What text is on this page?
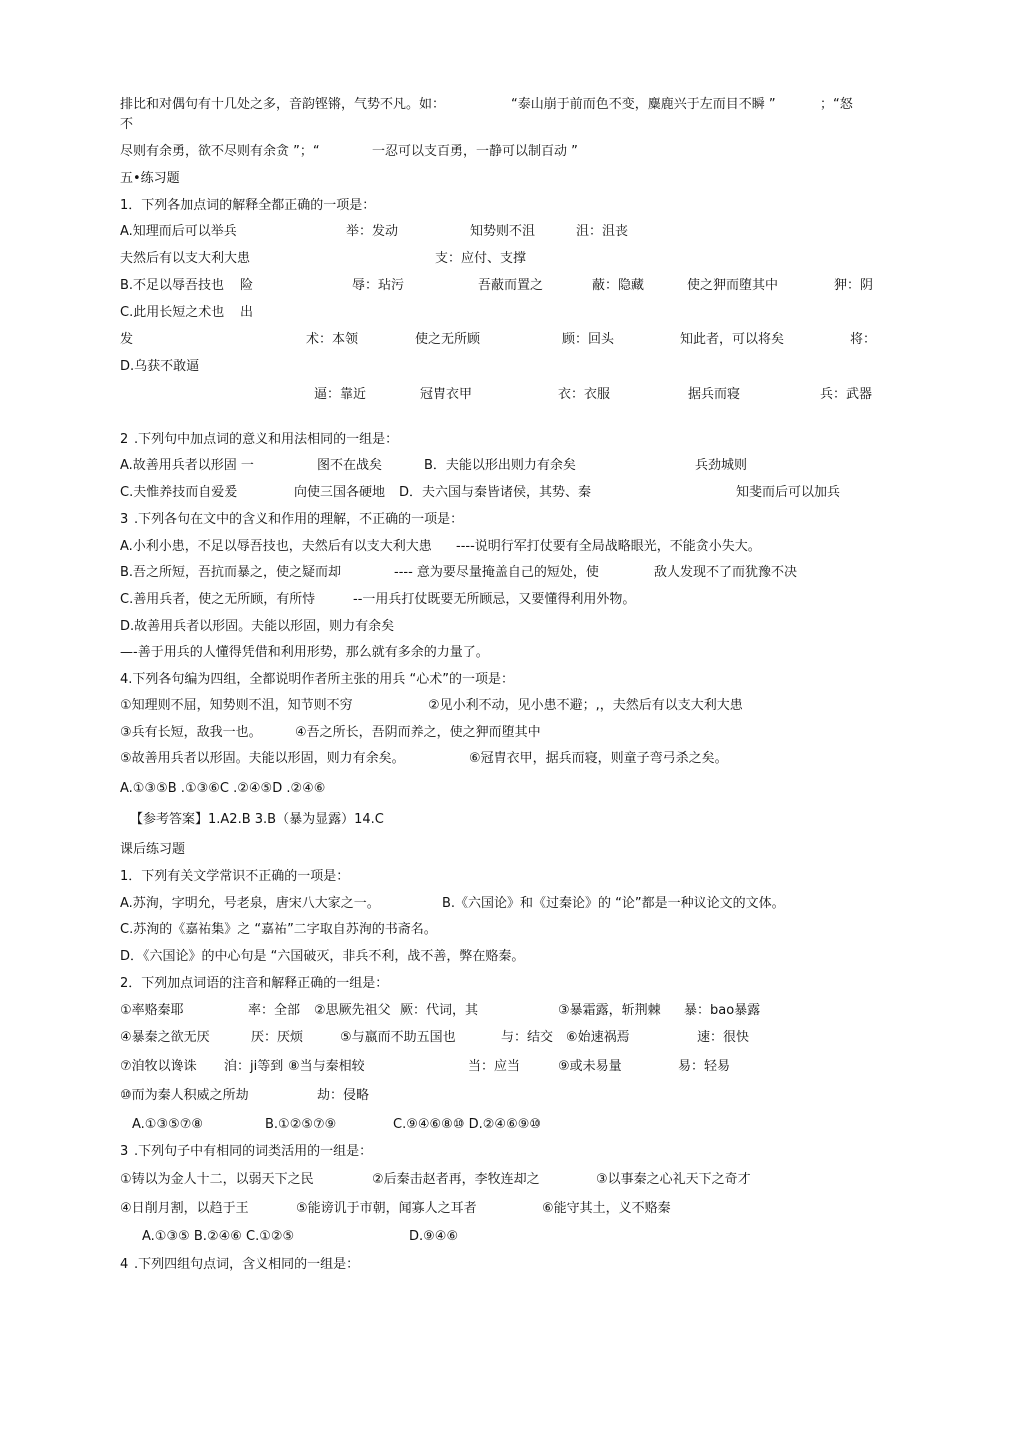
排比和对偶句有十几处之多，音韵铿锵，气势不凡。如：	“泰山崩于前而色不变，麋鹿兴于左而目不瞬 ”	；“怒
不
尽则有余勇，欲不尽则有余贪 ”；“	一忍可以支百勇，一静可以制百动 ”
五•练习题
1．下列各加点词的解释全都正确的一项是：
A.知理而后可以举兵	举：发动	知势则不沮	沮：沮丧
夫然后有以支大利大患	支：应付、支撑
B.不足以辱吾技也 险	辱：玷污	吾蔽而置之	蔽：隐藏	使之狎而堕其中	狎：阴
C.此用长短之术也 出
发	术：本领	使之无所顾	顾：回头	知此者，可以将矣	将：
D.乌获不敢逼
逼：靠近	冠胄衣甲	衣：衣服	据兵而寝	兵：武器
2 .下列句中加点词的意义和用法相同的一组是：
A.故善用兵者以形固 一	图不在战矣	B．夫能以形出则力有余矣	兵劲城则
C.夫惟养技而自爱爰	向使三国各硬地 D．夫六国与秦皆诸侯，其势、秦	知斐而后可以加兵
3 .下列各句在文中的含义和作用的理解，不正确的一项是：
A.小利小患，不足以辱吾技也，夫然后有以支大利大患 ----说明行军打仗要有全局战略眼光，不能贪小失大。
B.吾之所短，吾抗而暴之，使之疑而却	---- 意为要尽量掩盖自己的短处，使	敌人发现不了而犹豫不决
C.善用兵者，使之无所顾，有所恃	--一用兵打仗既要无所顾忌，又要懂得利用外物。
D.故善用兵者以形固。夫能以形固，则力有余矣
—-善于用兵的人懂得凭借和利用形势，那么就有多余的力量了。
4.下列各句编为四组，全都说明作者所主张的用兵 “心术”的一项是：
①知理则不屈，知势则不沮，知节则不穷	②见小利不动，见小患不避；,，夫然后有以支大利大患
③兵有长短，敌我一也。	④吾之所长，吾阴而养之，使之狎而堕其中
⑤故善用兵者以形固。夫能以形固，则力有余矣。	⑥冠胄衣甲，据兵而寝，则童子弯弓杀之矣。
A.①③⑤B .①③⑥C .②④⑤D .②④⑥
【参考答案】1.A2.B 3.B（暴为显露）14.C
课后练习题
1．下列有关文学常识不正确的一项是：
A.苏洵，字明允，号老泉，唐宋八大家之一。	B.《六国论》和《过秦论》的 “论”都是一种议论文的文体。
C.苏洵的《嘉祐集》之 “嘉祐”二字取自苏洵的书斋名。
D．《六国论》的中心句是 “六国破灭，非兵不利，战不善，弊在赂秦。
2．下列加点词语的注音和解释正确的一组是：
①率赂秦耶	率：全部 ②思厥先祖父 厥：代词，其	③暴霜露，斩荆棘 暴：bao暴露
④暴秦之欲无厌	厌：厌烦	⑤与嬴而不助五国也	与：结交 ⑥始速祸焉	速：很快
⑦洎牧以谗诛 洎：ji等到 ⑧当与秦相较	当：应当	⑨或未易量	易：轻易
⑩而为秦人积威之所劫	劫：侵略
A.①③⑤⑦⑧	B.①②⑤⑦⑨	C.⑨④⑥⑧⑩ D.②④⑥⑨⑩
3 .下列句子中有相同的词类活用的一组是：
①铸以为金人十二，以弱天下之民	②后秦击赵者再，李牧连却之	③以事秦之心礼天下之奇才
④日削月割，以趋于王	⑤能谤讥于市朝，闻寡人之耳者	⑥能守其土，义不赂秦
A.①③⑤ B.②④⑥ C.①②⑤	D.⑨④⑥
4 .下列四组句点词，含义相同的一组是：
